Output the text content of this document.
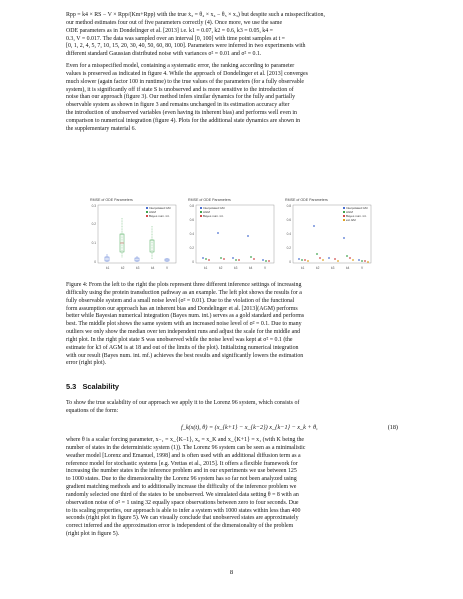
Rpp = k4 × RS − V × Rpp/(Km+Rpp) with the true ẋ₃ = θ₄ × x₄ − θ₅ × x₃) but despite such a misspecification,
our method estimates four out of five parameters correctly (4). Once more, we use the same
ODE parameters as in Dondelinger et al. [2013] i.e. k1 = 0.07, k2 = 0.6, k3 = 0.05, k4 =
0.3, V = 0.017. The data was sampled over an interval [0, 100] with time point samples at t =
[0, 1, 2, 4, 5, 7, 10, 15, 20, 30, 40, 50, 60, 80, 100]. Parameters were inferred in two experiments with
different standard Gaussian distributed noise with variances σ² = 0.01 and σ² = 0.1.
Even for a misspecified model, containing a systematic error, the ranking according to parameter
values is preserved as indicated in figure 4. While the approach of Dondelinger et al. [2013] converges
much slower (again factor 100 in runtime) to the true values of the parameters (for a fully observable
system), it is significantly off if state S is unobserved and is more sensitive to the introduction of
noise than our approach (figure 3). Our method infers similar dynamics for the fully and partially
observable system as shown in figure 3 and remains unchanged in its estimation accuracy after
the introduction of unobserved variables (even having its inherent bias) and performs well even in
comparison to numerical integration (figure 4). Plots for the additional state dynamics are shown in
the supplementary material 6.
RMSE of ODE Parameters
0
0.1
0.2
0.3
k1	k2	k3	k4	V
Interpolated GM
AGM
Bayes num. int.
RMSE of ODE Parameters
0
0.2
0.4
0.6
0.8
k1	k2	k3	k4	V
Interpolated GM
AGM
Bayes num. int.
RMSE of ODE Parameters
0
0.2
0.4
0.6
0.8
k1	k2	k3	k4	V
Interpolated GM
AGM
Bayes num. int.
ext.GM
Figure 4: From the left to the right the plots represent three different inference settings of increasing
difficulty using the protein transduction pathway as an example. The left plot shows the results for a
fully observable system and a small noise level (σ² = 0.01). Due to the violation of the functional
form assumption our approach has an inherent bias and Dondelinger et al. [2013](AGM) performs
better while Bayesian numerical integration (Bayes num. int.) serves as a gold standard and performs
best. The middle plot shows the same system with an increased noise level of σ² = 0.1. Due to many
outliers we only show the median over ten independent runs and adjust the scale for the middle and
right plot. In the right plot state S was unobserved while the noise level was kept at σ² = 0.1 (the
estimate for k3 of AGM is at 18 and out of the limits of the plot). Initializing numerical integration
with our result (Bayes num. int. mf.) achieves the best results and significantly lowers the estimation
error (right plot).
5.3 Scalability
To show the true scalability of our approach we apply it to the Lorenz 96 system, which consists of
equations of the form:
f_k(x(t), θ) = (x_{k+1} − x_{k−2}) x_{k−1} − x_k + θ,	(18)
where θ is a scalar forcing parameter, x₋₁ = x_{K−1}, x₀ = x_K and x_{K+1} = x₁ (with K being the
number of states in the deterministic system (1)). The Lorenz 96 system can be seen as a minimalistic
weather model [Lorenz and Emanuel, 1998] and is often used with an additional diffusion term as a
reference model for stochastic systems [e.g. Vrettas et al., 2015]. It offers a flexible framework for
increasing the number states in the inference problem and in our experiments we use between 125
to 1000 states. Due to the dimensionality the Lorenz 96 system has so far not been analyzed using
gradient matching methods and to additionally increase the difficulty of the inference problem we
randomly selected one third of the states to be unobserved. We simulated data setting θ = 8 with an
observation noise of σ² = 1 using 32 equally space observations between zero to four seconds. Due
to its scaling properties, our approach is able to infer a system with 1000 states within less than 400
seconds (right plot in figure 5). We can visually conclude that unobserved states are approximately
correct inferred and the approximation error is independent of the dimensionality of the problem
(right plot in figure 5).
8
